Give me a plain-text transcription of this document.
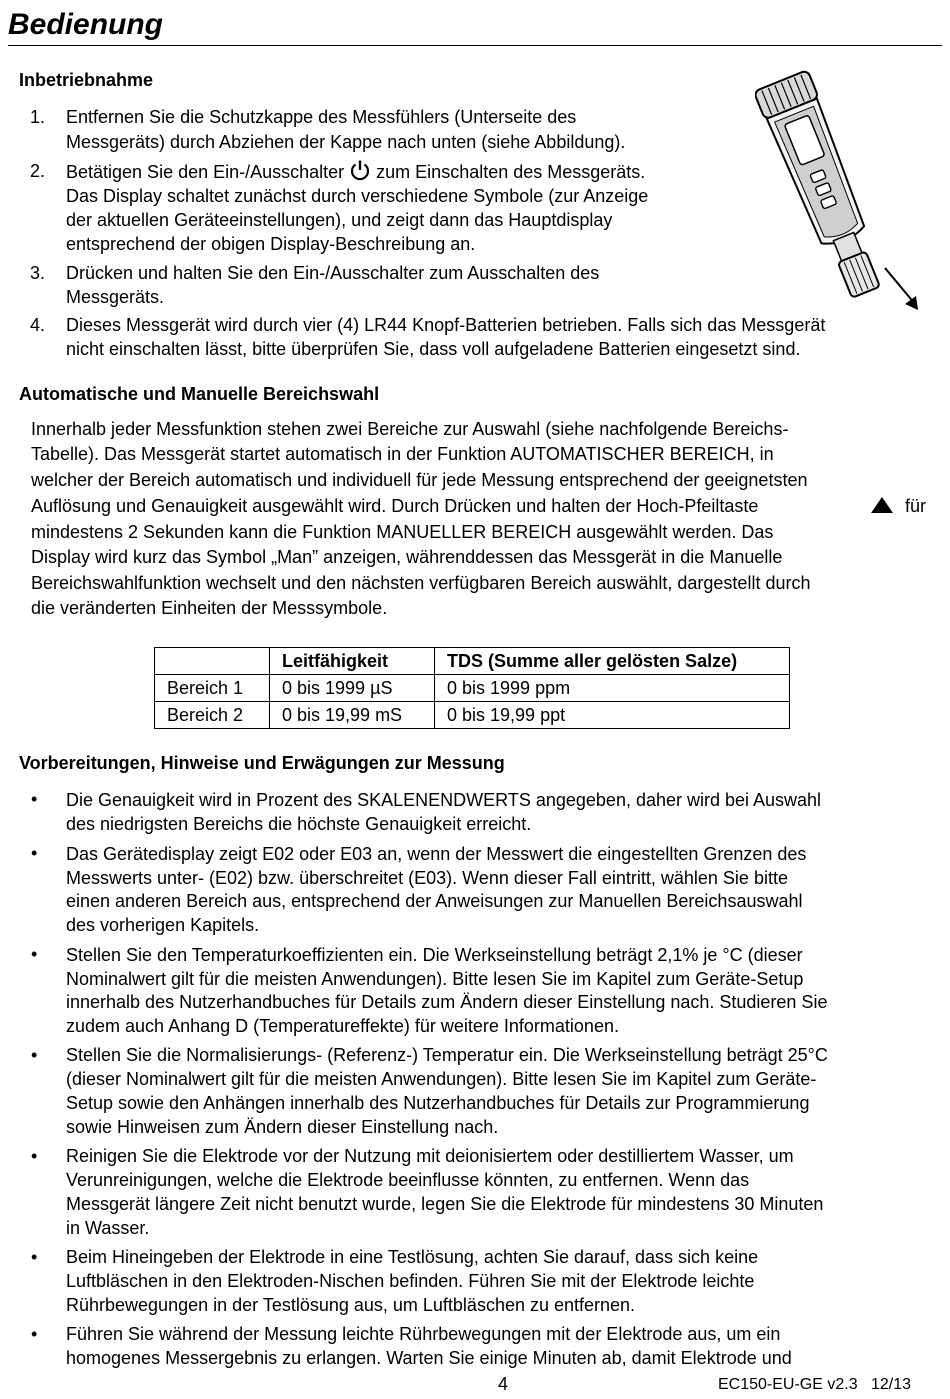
Bedienung
Inbetriebnahme
1. Entfernen Sie die Schutzkappe des Messfühlers (Unterseite des
Messgeräts) durch Abziehen der Kappe nach unten (siehe Abbildung).
2. Betätigen Sie den Ein-/Ausschalter zum Einschalten des Messgeräts.
Das Display schaltet zunächst durch verschiedene Symbole (zur Anzeige
der aktuellen Geräteeinstellungen), und zeigt dann das Hauptdisplay
entsprechend der obigen Display-Beschreibung an.
3. Drücken und halten Sie den Ein-/Ausschalter zum Ausschalten des
Messgeräts.
4. Dieses Messgerät wird durch vier (4) LR44 Knopf-Batterien betrieben. Falls sich das Messgerät
nicht einschalten lässt, bitte überprüfen Sie, dass voll aufgeladene Batterien eingesetzt sind.
Automatische und Manuelle Bereichswahl
Innerhalb jeder Messfunktion stehen zwei Bereiche zur Auswahl (siehe nachfolgende Bereichs-
Tabelle). Das Messgerät startet automatisch in der Funktion AUTOMATISCHER BEREICH, in
welcher der Bereich automatisch und individuell für jede Messung entsprechend der geeignetsten
Auflösung und Genauigkeit ausgewählt wird. Durch Drücken und halten der Hoch-Pfeiltaste	für
mindestens 2 Sekunden kann die Funktion MANUELLER BEREICH ausgewählt werden. Das
Display wird kurz das Symbol „Man” anzeigen, währenddessen das Messgerät in die Manuelle
Bereichswahlfunktion wechselt und den nächsten verfügbaren Bereich auswählt, dargestellt durch
die veränderten Einheiten der Messsymbole.
	Leitfähigkeit	TDS (Summe aller gelösten Salze)
Bereich 1	0 bis 1999 µS	0 bis 1999 ppm
Bereich 2	0 bis 19,99 mS	0 bis 19,99 ppt
Vorbereitungen, Hinweise und Erwägungen zur Messung
• Die Genauigkeit wird in Prozent des SKALENENDWERTS angegeben, daher wird bei Auswahl
des niedrigsten Bereichs die höchste Genauigkeit erreicht.
• Das Gerätedisplay zeigt E02 oder E03 an, wenn der Messwert die eingestellten Grenzen des
Messwerts unter- (E02) bzw. überschreitet (E03). Wenn dieser Fall eintritt, wählen Sie bitte
einen anderen Bereich aus, entsprechend der Anweisungen zur Manuellen Bereichsauswahl
des vorherigen Kapitels.
• Stellen Sie den Temperaturkoeffizienten ein. Die Werkseinstellung beträgt 2,1% je °C (dieser
Nominalwert gilt für die meisten Anwendungen). Bitte lesen Sie im Kapitel zum Geräte-Setup
innerhalb des Nutzerhandbuches für Details zum Ändern dieser Einstellung nach. Studieren Sie
zudem auch Anhang D (Temperatureffekte) für weitere Informationen.
• Stellen Sie die Normalisierungs- (Referenz-) Temperatur ein. Die Werkseinstellung beträgt 25°C
(dieser Nominalwert gilt für die meisten Anwendungen). Bitte lesen Sie im Kapitel zum Geräte-
Setup sowie den Anhängen innerhalb des Nutzerhandbuches für Details zur Programmierung
sowie Hinweisen zum Ändern dieser Einstellung nach.
• Reinigen Sie die Elektrode vor der Nutzung mit deionisiertem oder destilliertem Wasser, um
Verunreinigungen, welche die Elektrode beeinflusse könnten, zu entfernen. Wenn das
Messgerät längere Zeit nicht benutzt wurde, legen Sie die Elektrode für mindestens 30 Minuten
in Wasser.
• Beim Hineingeben der Elektrode in eine Testlösung, achten Sie darauf, dass sich keine
Luftbläschen in den Elektroden-Nischen befinden. Führen Sie mit der Elektrode leichte
Rührbewegungen in der Testlösung aus, um Luftbläschen zu entfernen.
• Führen Sie während der Messung leichte Rührbewegungen mit der Elektrode aus, um ein
homogenes Messergebnis zu erlangen. Warten Sie einige Minuten ab, damit Elektrode und
4	EC150-EU-GE v2.3   12/13
